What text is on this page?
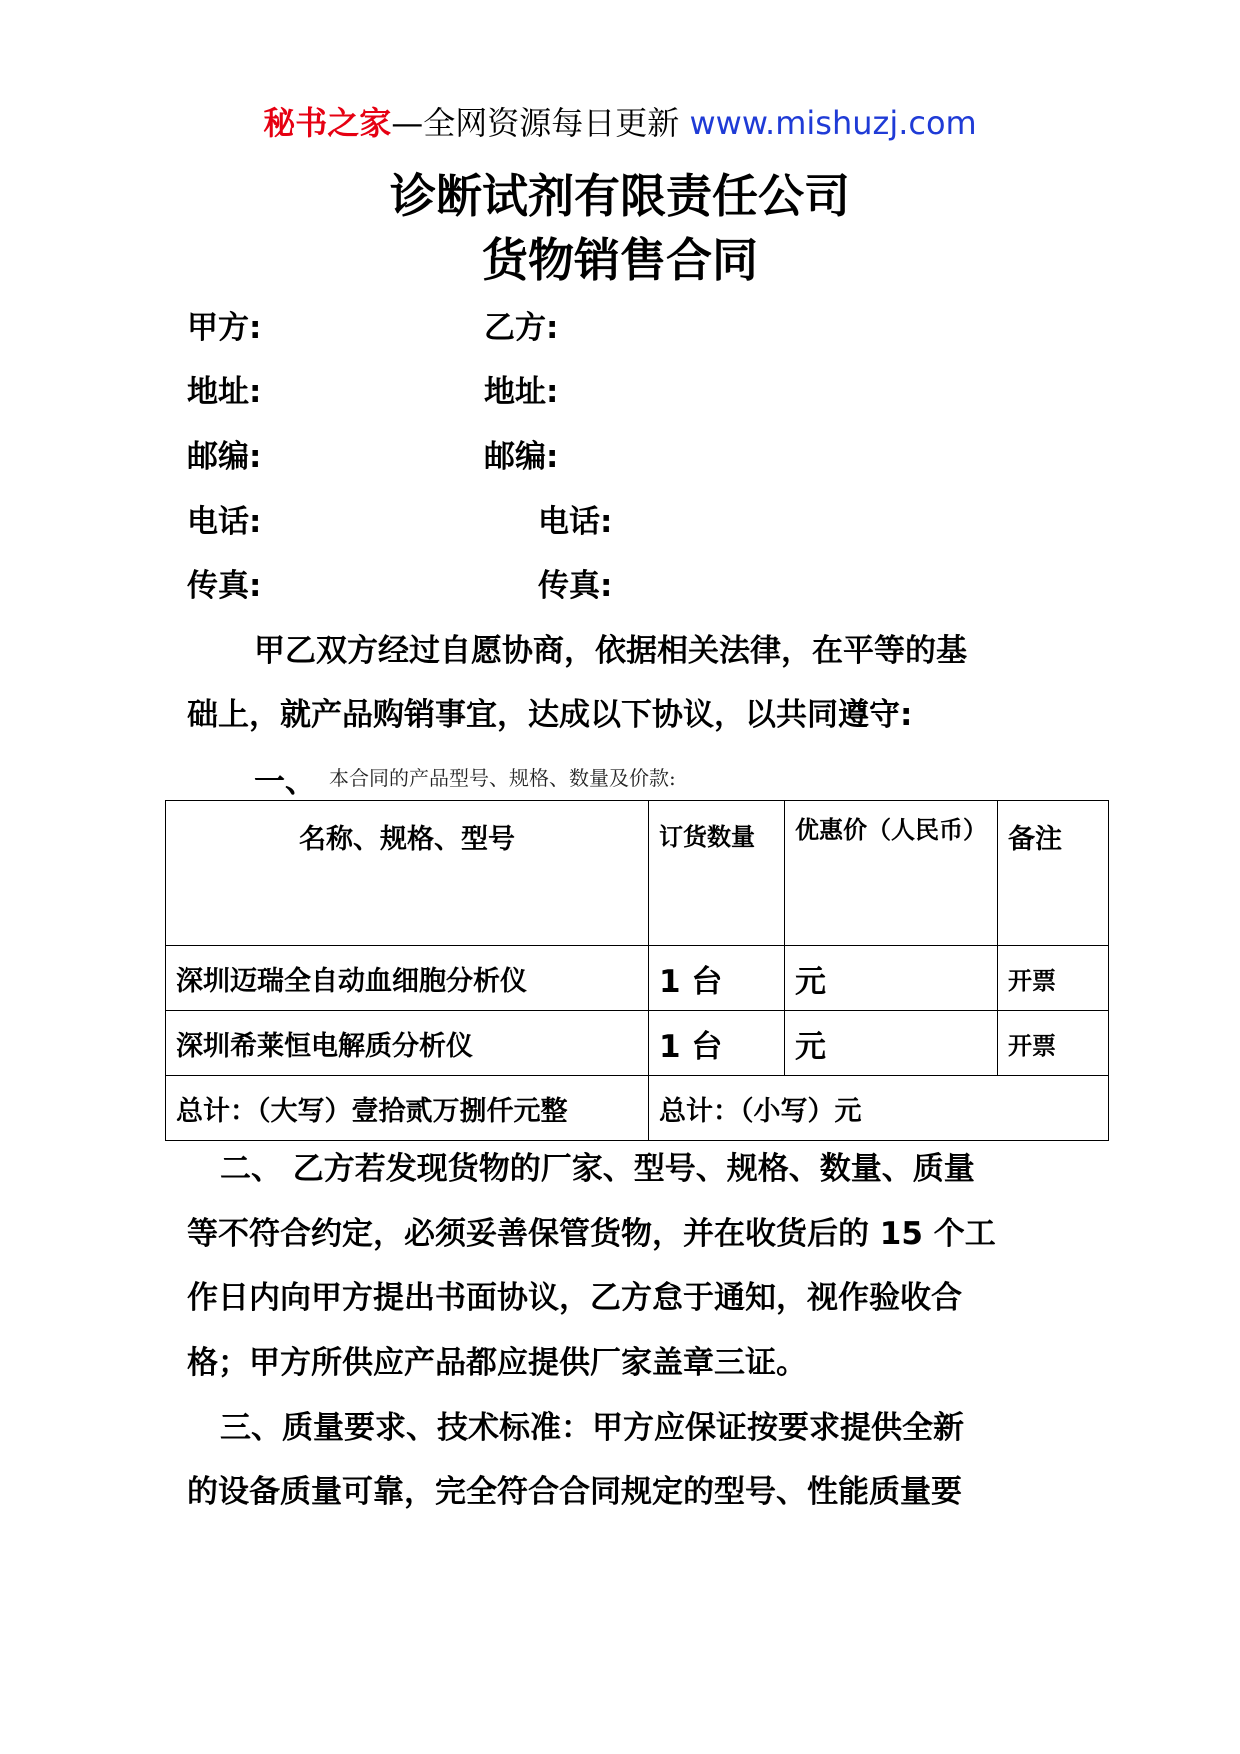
秘书之家—全网资源每日更新 www.mishuzj.com
诊断试剂有限责任公司
货物销售合同
甲方:	乙方:
地址:	地址:
邮编:	邮编:
电话:	电话:
传真:	传真:
甲乙双方经过自愿协商，依据相关法律，在平等的基
础上，就产品购销事宜，达成以下协议，以共同遵守:
一、 本合同的产品型号、规格、数量及价款:
名称、规格、型号	订货数量	优惠价（人民币）	备注
深圳迈瑞全自动血细胞分析仪	1 台	元	开票
深圳希莱恒电解质分析仪	1 台	元	开票
总计：（大写）壹拾贰万捌仟元整	总计：（小写）元		
二、 乙方若发现货物的厂家、型号、规格、数量、质量
等不符合约定，必须妥善保管货物，并在收货后的 15 个工
作日内向甲方提出书面协议，乙方怠于通知，视作验收合
格；甲方所供应产品都应提供厂家盖章三证。
三、质量要求、技术标准：甲方应保证按要求提供全新
的设备质量可靠，完全符合合同规定的型号、性能质量要
